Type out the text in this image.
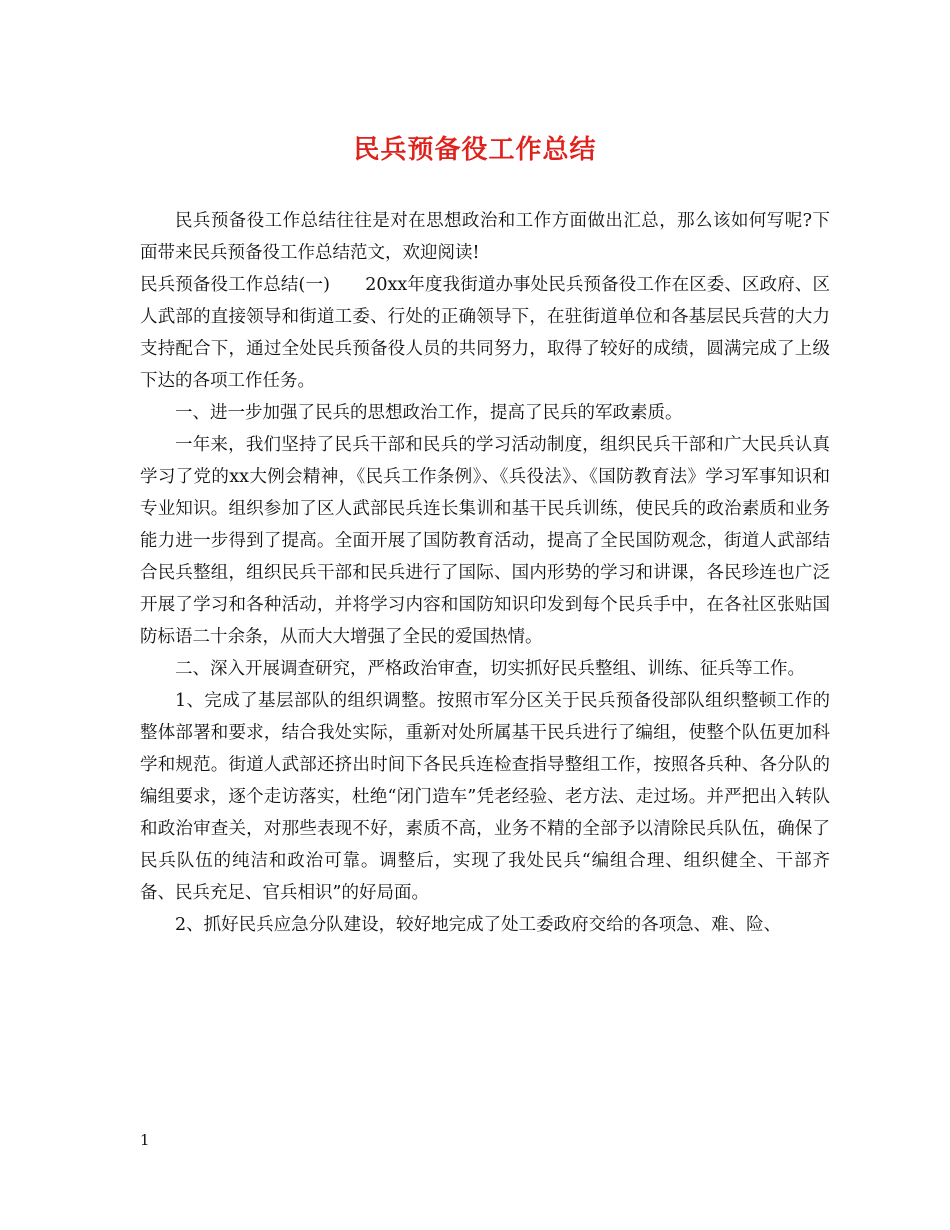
民兵预备役工作总结

民兵预备役工作总结往往是对在思想政治和工作方面做出汇总，那么该如何写呢?下面带来民兵预备役工作总结范文，欢迎阅读!

民兵预备役工作总结(一)　　20xx年度我街道办事处民兵预备役工作在区委、区政府、区人武部的直接领导和街道工委、行处的正确领导下，在驻街道单位和各基层民兵营的大力支持配合下，通过全处民兵预备役人员的共同努力，取得了较好的成绩，圆满完成了上级下达的各项工作任务。

一、进一步加强了民兵的思想政治工作，提高了民兵的军政素质。

一年来，我们坚持了民兵干部和民兵的学习活动制度，组织民兵干部和广大民兵认真学习了党的xx大例会精神，《民兵工作条例》、《兵役法》、《国防教育法》学习军事知识和专业知识。组织参加了区人武部民兵连长集训和基干民兵训练，使民兵的政治素质和业务能力进一步得到了提高。全面开展了国防教育活动，提高了全民国防观念，街道人武部结合民兵整组，组织民兵干部和民兵进行了国际、国内形势的学习和讲课，各民珍连也广泛开展了学习和各种活动，并将学习内容和国防知识印发到每个民兵手中，在各社区张贴国防标语二十余条，从而大大增强了全民的爱国热情。

二、深入开展调查研究，严格政治审查，切实抓好民兵整组、训练、征兵等工作。

1、完成了基层部队的组织调整。按照市军分区关于民兵预备役部队组织整顿工作的整体部署和要求，结合我处实际，重新对处所属基干民兵进行了编组，使整个队伍更加科学和规范。街道人武部还挤出时间下各民兵连检查指导整组工作，按照各兵种、各分队的编组要求，逐个走访落实，杜绝“闭门造车”凭老经验、老方法、走过场。并严把出入转队和政治审查关，对那些表现不好，素质不高，业务不精的全部予以清除民兵队伍，确保了民兵队伍的纯洁和政治可靠。调整后，实现了我处民兵“编组合理、组织健全、干部齐备、民兵充足、官兵相识”的好局面。

2、抓好民兵应急分队建设，较好地完成了处工委政府交给的各项急、难、险、

1
